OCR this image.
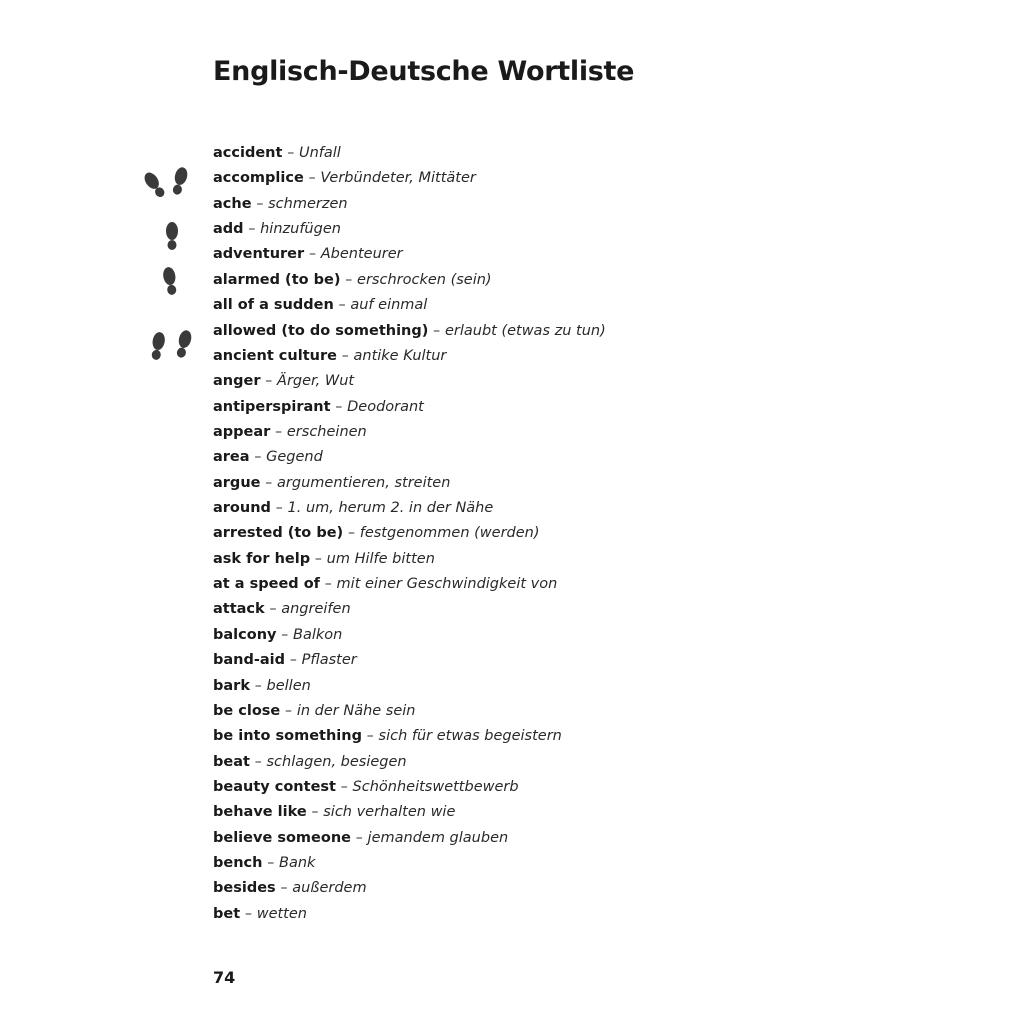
Englisch-Deutsche Wortliste
accident – Unfall
accomplice – Verbündeter, Mittäter
ache – schmerzen
add – hinzufügen
adventurer – Abenteurer
alarmed (to be) – erschrocken (sein)
all of a sudden – auf einmal
allowed (to do something) – erlaubt (etwas zu tun)
ancient culture – antike Kultur
anger – Ärger, Wut
antiperspirant – Deodorant
appear – erscheinen
area – Gegend
argue – argumentieren, streiten
around – 1. um, herum 2. in der Nähe
arrested (to be) – festgenommen (werden)
ask for help – um Hilfe bitten
at a speed of – mit einer Geschwindigkeit von
attack – angreifen
balcony – Balkon
band-aid – Pflaster
bark – bellen
be close – in der Nähe sein
be into something – sich für etwas begeistern
beat – schlagen, besiegen
beauty contest – Schönheitswettbewerb
behave like – sich verhalten wie
believe someone – jemandem glauben
bench – Bank
besides – außerdem
bet – wetten
74
